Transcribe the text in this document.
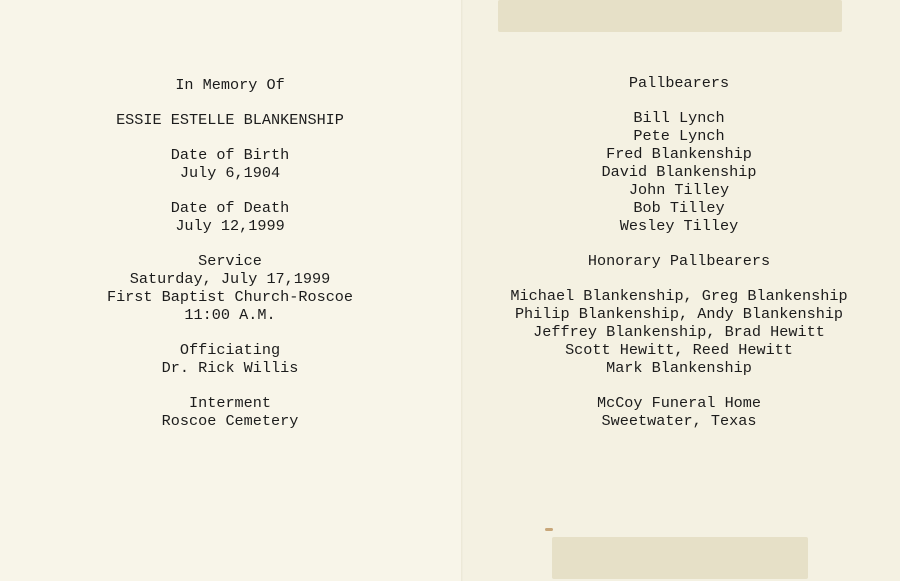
In Memory Of
ESSIE ESTELLE BLANKENSHIP
Date of Birth
July 6,1904
Date of Death
July 12,1999
Service
Saturday, July 17,1999
First Baptist Church-Roscoe
11:00 A.M.
Officiating
Dr. Rick Willis
Interment
Roscoe Cemetery
Pallbearers
Bill Lynch
Pete Lynch
Fred Blankenship
David Blankenship
John Tilley
Bob Tilley
Wesley Tilley
Honorary Pallbearers
Michael Blankenship, Greg Blankenship
Philip Blankenship, Andy Blankenship
Jeffrey Blankenship, Brad Hewitt
Scott Hewitt, Reed Hewitt
Mark Blankenship
McCoy Funeral Home
Sweetwater, Texas
